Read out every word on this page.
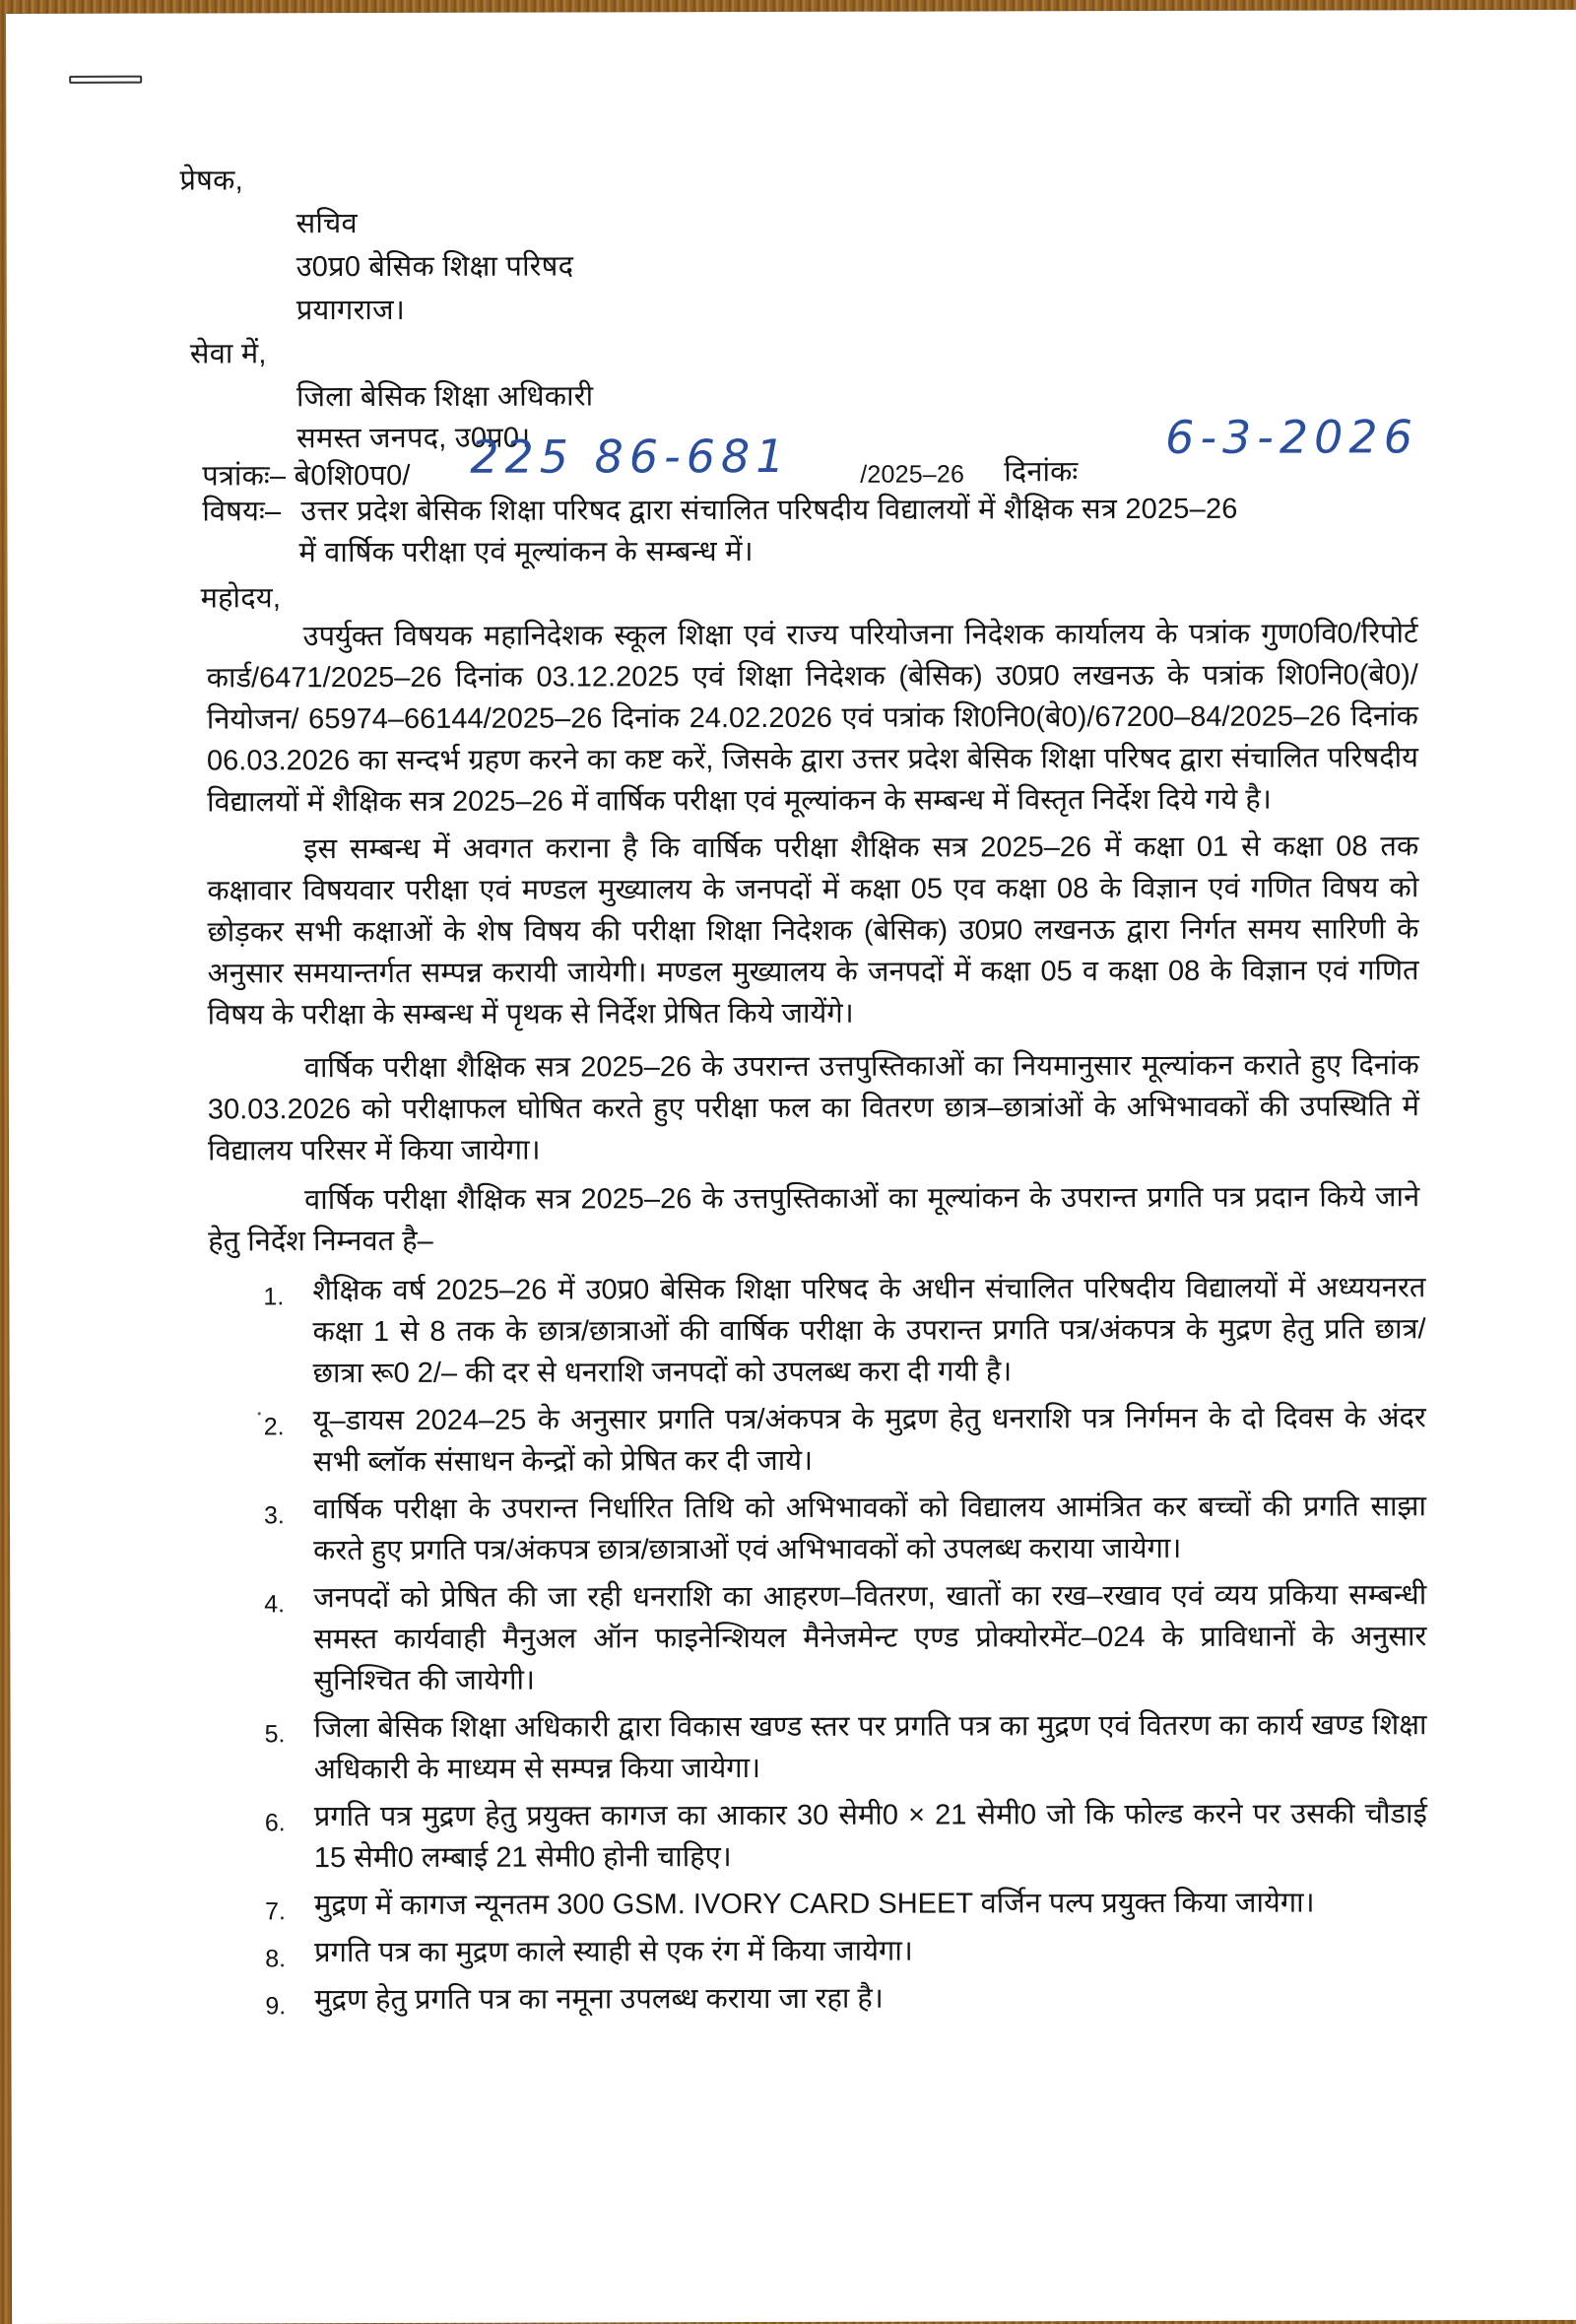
प्रेषक,
सचिव
उ0प्र0 बेसिक शिक्षा परिषद
प्रयागराज।
सेवा में,
जिला बेसिक शिक्षा अधिकारी
समस्त जनपद, उ0प्र0।
पत्रांकः– बे0शि0प0/ 225 86-681	/2025–26 दिनांकः
6-3-2026
विषयः– उत्तर प्रदेश बेसिक शिक्षा परिषद द्वारा संचालित परिषदीय विद्यालयों में शैक्षिक सत्र 2025–26
में वार्षिक परीक्षा एवं मूल्यांकन के सम्बन्ध में।
महोदय,
उपर्युक्त विषयक महानिदेशक स्कूल शिक्षा एवं राज्य परियोजना निदेशक कार्यालय के पत्रांक गुण0वि0/रिपोर्ट कार्ड/6471/2025–26 दिनांक 03.12.2025 एवं शिक्षा निदेशक (बेसिक) उ0प्र0 लखनऊ के पत्रांक शि0नि0(बे0)/नियोजन/ 65974–66144/2025–26 दिनांक 24.02.2026 एवं पत्रांक शि0नि0(बे0)/67200–84/2025–26 दिनांक 06.03.2026 का सन्दर्भ ग्रहण करने का कष्ट करें, जिसके द्वारा उत्तर प्रदेश बेसिक शिक्षा परिषद द्वारा संचालित परिषदीय विद्यालयों में शैक्षिक सत्र 2025–26 में वार्षिक परीक्षा एवं मूल्यांकन के सम्बन्ध में विस्तृत निर्देश दिये गये है।
इस सम्बन्ध में अवगत कराना है कि वार्षिक परीक्षा शैक्षिक सत्र 2025–26 में कक्षा 01 से कक्षा 08 तक कक्षावार विषयवार परीक्षा एवं मण्डल मुख्यालय के जनपदों में कक्षा 05 एव कक्षा 08 के विज्ञान एवं गणित विषय को छोड़कर सभी कक्षाओं के शेष विषय की परीक्षा शिक्षा निदेशक (बेसिक) उ0प्र0 लखनऊ द्वारा निर्गत समय सारिणी के अनुसार समयान्तर्गत सम्पन्न करायी जायेगी। मण्डल मुख्यालय के जनपदों में कक्षा 05 व कक्षा 08 के विज्ञान एवं गणित विषय के परीक्षा के सम्बन्ध में पृथक से निर्देश प्रेषित किये जायेंगे।
वार्षिक परीक्षा शैक्षिक सत्र 2025–26 के उपरान्त उत्तपुस्तिकाओं का नियमानुसार मूल्यांकन कराते हुए दिनांक 30.03.2026 को परीक्षाफल घोषित करते हुए परीक्षा फल का वितरण छात्र–छात्रांओं के अभिभावकों की उपस्थिति में विद्यालय परिसर में किया जायेगा।
वार्षिक परीक्षा शैक्षिक सत्र 2025–26 के उत्तपुस्तिकाओं का मूल्यांकन के उपरान्त प्रगति पत्र प्रदान किये जाने हेतु निर्देश निम्नवत है–
1. शैक्षिक वर्ष 2025–26 में उ0प्र0 बेसिक शिक्षा परिषद के अधीन संचालित परिषदीय विद्यालयों में अध्ययनरत कक्षा 1 से 8 तक के छात्र/छात्राओं की वार्षिक परीक्षा के उपरान्त प्रगति पत्र/अंकपत्र के मुद्रण हेतु प्रति छात्र/छात्रा रू0 2/– की दर से धनराशि जनपदों को उपलब्ध करा दी गयी है।
2. यू–डायस 2024–25 के अनुसार प्रगति पत्र/अंकपत्र के मुद्रण हेतु धनराशि पत्र निर्गमन के दो दिवस के अंदर सभी ब्लॉक संसाधन केन्द्रों को प्रेषित कर दी जाये।
3. वार्षिक परीक्षा के उपरान्त निर्धारित तिथि को अभिभावकों को विद्यालय आमंत्रित कर बच्चों की प्रगति साझा करते हुए प्रगति पत्र/अंकपत्र छात्र/छात्राओं एवं अभिभावकों को उपलब्ध कराया जायेगा।
4. जनपदों को प्रेषित की जा रही धनराशि का आहरण–वितरण, खातों का रख–रखाव एवं व्यय प्रकिया सम्बन्धी समस्त कार्यवाही मैनुअल ऑन फाइनेन्शियल मैनेजमेन्ट एण्ड प्रोक्योरमेंट–024 के प्राविधानों के अनुसार सुनिश्चित की जायेगी।
5. जिला बेसिक शिक्षा अधिकारी द्वारा विकास खण्ड स्तर पर प्रगति पत्र का मुद्रण एवं वितरण का कार्य खण्ड शिक्षा अधिकारी के माध्यम से सम्पन्न किया जायेगा।
6. प्रगति पत्र मुद्रण हेतु प्रयुक्त कागज का आकार 30 सेमी0 × 21 सेमी0 जो कि फोल्ड करने पर उसकी चौडाई 15 सेमी0 लम्बाई 21 सेमी0 होनी चाहिए।
7. मुद्रण में कागज न्यूनतम 300 GSM. IVORY CARD SHEET वर्जिन पल्प प्रयुक्त किया जायेगा।
8. प्रगति पत्र का मुद्रण काले स्याही से एक रंग में किया जायेगा।
9. मुद्रण हेतु प्रगति पत्र का नमूना उपलब्ध कराया जा रहा है।
